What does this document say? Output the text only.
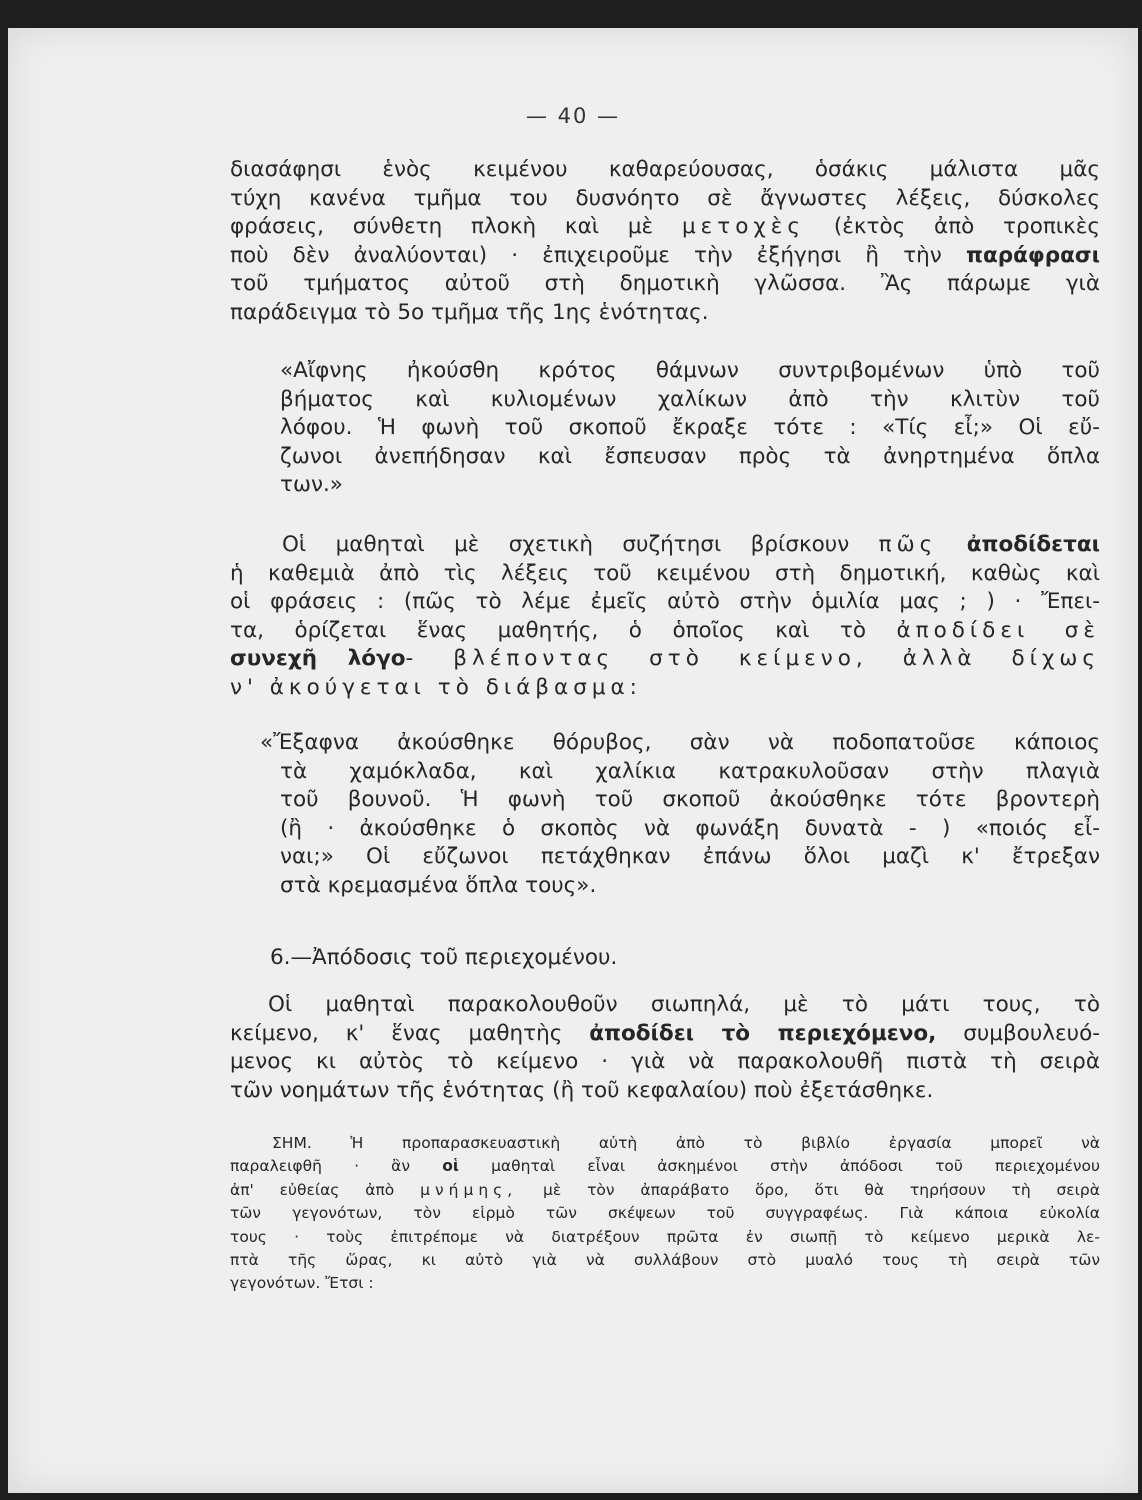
— 40 —
διασάφησι ἑνὸς κειμένου καθαρεύουσας, ὁσάκις μάλιστα μᾶς
τύχη κανένα τμῆμα του δυσνόητο σὲ ἄγνωστες λέξεις, δύσκολες
φράσεις, σύνθετη πλοκὴ καὶ μὲ μετοχὲς (ἐκτὸς ἀπὸ τροπικὲς
ποὺ δὲν ἀναλύονται) · ἐπιχειροῦμε τὴν ἐξήγησι ἢ τὴν παράφρασι
τοῦ τμήματος αὐτοῦ στὴ δημοτικὴ γλῶσσα. Ἂς πάρωμε γιὰ
παράδειγμα τὸ 5ο τμῆμα τῆς 1ης ἑνότητας.
«Αἴφνης ἠκούσθη κρότος θάμνων συντριβομένων ὑπὸ τοῦ
βήματος καὶ κυλιομένων χαλίκων ἀπὸ τὴν κλιτὺν τοῦ
λόφου. Ἡ φωνὴ τοῦ σκοποῦ ἔκραξε τότε : «Τίς εἶ;» Οἱ εὔ-
ζωνοι ἀνεπήδησαν καὶ ἔσπευσαν πρὸς τὰ ἀνηρτημένα ὅπλα
των.»
Οἱ μαθηταὶ μὲ σχετικὴ συζήτησι βρίσκουν πῶς ἀποδίδεται
ἡ καθεμιὰ ἀπὸ τὶς λέξεις τοῦ κειμένου στὴ δημοτική, καθὼς καὶ
οἱ φράσεις : (πῶς τὸ λέμε ἐμεῖς αὐτὸ στὴν ὁμιλία μας ; ) · Ἔπει-
τα, ὁρίζεται ἕνας μαθητής, ὁ ὁποῖος καὶ τὸ ἀποδίδει σὲ
συνεχῆ λόγο- βλέποντας στὸ κείμενο, ἀλλὰ δίχως
ν' ἀκούγεται τὸ διάβασμα:
«Ἔξαφνα ἀκούσθηκε θόρυβος, σὰν νὰ ποδοπατοῦσε κάποιος
τὰ χαμόκλαδα, καὶ χαλίκια κατρακυλοῦσαν στὴν πλαγιὰ
τοῦ βουνοῦ. Ἡ φωνὴ τοῦ σκοποῦ ἀκούσθηκε τότε βροντερὴ
(ἢ · ἀκούσθηκε ὁ σκοπὸς νὰ φωνάξη δυνατὰ - ) «ποιός εἶ-
ναι;» Οἱ εὔζωνοι πετάχθηκαν ἐπάνω ὅλοι μαζὶ κ' ἔτρεξαν
στὰ κρεμασμένα ὅπλα τους».
6.—Ἀπόδοσις τοῦ περιεχομένου.
Οἱ μαθηταὶ παρακολουθοῦν σιωπηλά, μὲ τὸ μάτι τους, τὸ
κείμενο, κ' ἕνας μαθητὴς ἀποδίδει τὸ περιεχόμενο, συμβουλευό-
μενος κι αὐτὸς τὸ κείμενο · γιὰ νὰ παρακολουθῆ πιστὰ τὴ σειρὰ
τῶν νοημάτων τῆς ἑνότητας (ἢ τοῦ κεφαλαίου) ποὺ ἐξετάσθηκε.
ΣΗΜ. Ἡ προπαρασκευαστικὴ αὐτὴ ἀπὸ τὸ βιβλίο ἐργασία μπορεῖ νὰ
παραλειφθῆ · ἂν οἱ μαθηταὶ εἶναι ἀσκημένοι στὴν ἀπόδοσι τοῦ περιεχομένου
ἀπ' εὐθείας ἀπὸ μνήμης, μὲ τὸν ἀπαράβατο ὅρο, ὅτι θὰ τηρήσουν τὴ σειρὰ
τῶν γεγονότων, τὸν εἱρμὸ τῶν σκέψεων τοῦ συγγραφέως. Γιὰ κάποια εὐκολία
τους · τοὺς ἐπιτρέπομε νὰ διατρέξουν πρῶτα ἐν σιωπῇ τὸ κείμενο μερικὰ λε-
πτὰ τῆς ὥρας, κι αὐτὸ γιὰ νὰ συλλάβουν στὸ μυαλό τους τὴ σειρὰ τῶν
γεγονότων. Ἔτσι :
